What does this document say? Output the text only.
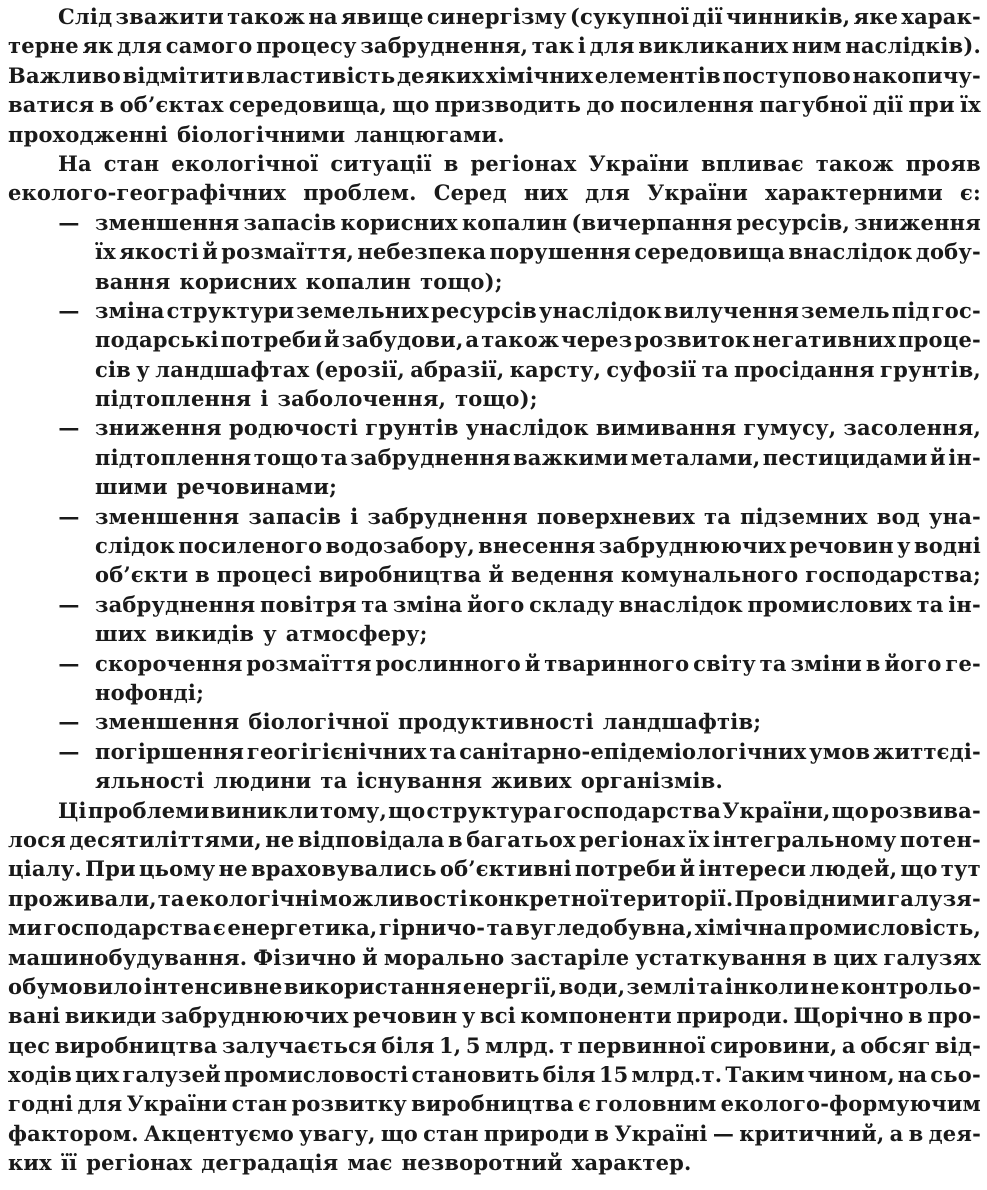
Слід зважити також на явище синергізму (сукупної дії чинників, яке харак-
терне як для самого процесу забруднення, так і для викликаних ним наслідків).
Важливо відмітити властивість деяких хімічних елементів поступово накопичу-
ватися в об’єктах середовища, що призводить до посилення пагубної дії при їх
проходженні біологічними ланцюгами.
На стан екологічної ситуації в регіонах України впливає також прояв
еколого-географічних проблем. Серед них для України характерними є:
— зменшення запасів корисних копалин (вичерпання ресурсів, зниження
їх якості й розмаїття, небезпека порушення середовища внаслідок добу-
вання корисних копалин тощо);
— зміна структури земельних ресурсів унаслідок вилучення земель під гос-
подарські потреби й забудови, а також через розвиток негативних проце-
сів у ландшафтах (ерозії, абразії, карсту, суфозії та просідання грунтів,
підтоплення і заболочення, тощо);
— зниження родючості грунтів унаслідок вимивання гумусу, засолення,
підтоплення тощо та забруднення важкими металами, пестицидами й ін-
шими речовинами;
— зменшення запасів і забруднення поверхневих та підземних вод уна-
слідок посиленого водозабору, внесення забруднюючих речовин у водні
об’єкти в процесі виробництва й ведення комунального господарства;
— забруднення повітря та зміна його складу внаслідок промислових та ін-
ших викидів у атмосферу;
— скорочення розмаїття рослинного й тваринного світу та зміни в його ге-
нофонді;
— зменшення біологічної продуктивності ландшафтів;
— погіршення геогігієнічних та санітарно-епідеміологічних умов життєді-
яльності людини та існування живих організмів.
Ці проблеми виникли тому, що структура господарства України, що розвива-
лося десятиліттями, не відповідала в багатьох регіонах їх інтегральному потен-
ціалу. При цьому не враховувались об’єктивні потреби й інтереси людей, що тут
проживали, та екологічні можливості конкретної території. Провідними галузя-
ми господарства є енергетика, гірничо- та вугледобувна, хімічна промисловість,
машинобудування. Фізично й морально застаріле устаткування в цих галузях
обумовило інтенсивне використання енергії, води, землі та інколи не контрольо-
вані викиди забруднюючих речовин у всі компоненти природи. Щорічно в про-
цес виробництва залучається біля 1, 5 млрд. т первинної сировини, а обсяг від-
ходів цих галузей промисловості становить біля 15 млрд.т. Таким чином, на сьо-
годні для України стан розвитку виробництва є головним еколого-формуючим
фактором. Акцентуємо увагу, що стан природи в Україні — критичний, а в дея-
ких її регіонах деградація має незворотний характер.
